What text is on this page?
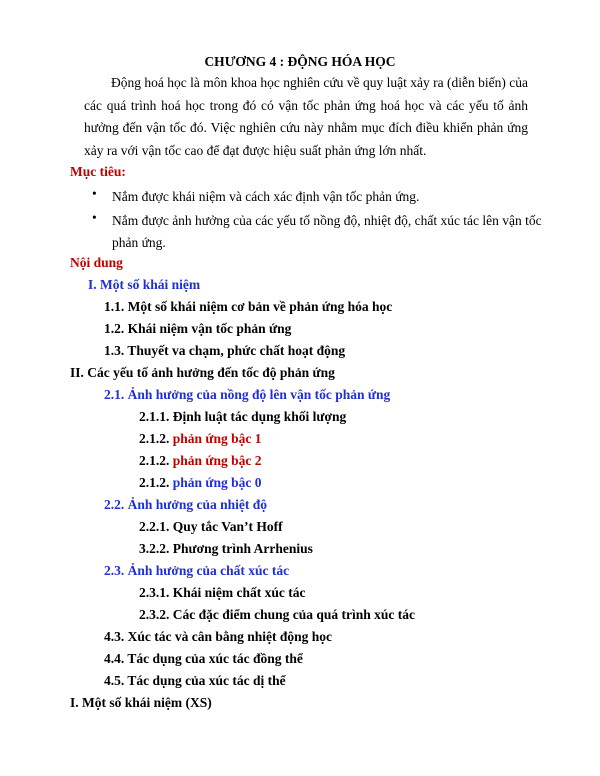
CHƯƠNG 4 : ĐỘNG HÓA HỌC
Động hoá học là môn khoa học nghiên cứu về quy luật xảy ra (diễn biến) của các quá trình hoá học trong đó có vận tốc phản ứng hoá học và các yếu tố ảnh hưởng đến vận tốc đó. Việc nghiên cứu này nhằm mục đích điều khiển phản ứng xảy ra với vận tốc cao để đạt được hiệu suất phản ứng lớn nhất.
Mục tiêu:
• Nắm được khái niệm và cách xác định vận tốc phản ứng.
• Nắm được ảnh hưởng của các yếu tố nồng độ, nhiệt độ, chất xúc tác lên vận tốc phản ứng.
Nội dung
I. Một số khái niệm
1.1. Một số khái niệm cơ bản về phản ứng hóa học
1.2. Khái niệm vận tốc phản ứng
1.3. Thuyết va chạm, phức chất hoạt động
II. Các yếu tố ảnh hưởng đến tốc độ phản ứng
2.1. Ảnh hưởng của nồng độ lên vận tốc phản ứng
2.1.1. Định luật tác dụng khối lượng
2.1.2. phản ứng bậc 1
2.1.2. phản ứng bậc 2
2.1.2. phản ứng bậc 0
2.2. Ảnh hưởng của nhiệt độ
2.2.1. Quy tắc Van’t Hoff
3.2.2. Phương trình Arrhenius
2.3. Ảnh hưởng của chất xúc tác
2.3.1. Khái niệm chất xúc tác
2.3.2. Các đặc điểm chung của quá trình xúc tác
4.3. Xúc tác và cân bằng nhiệt động học
4.4. Tác dụng của xúc tác đồng thể
4.5. Tác dụng của xúc tác dị thể
I. Một số khái niệm (XS)
